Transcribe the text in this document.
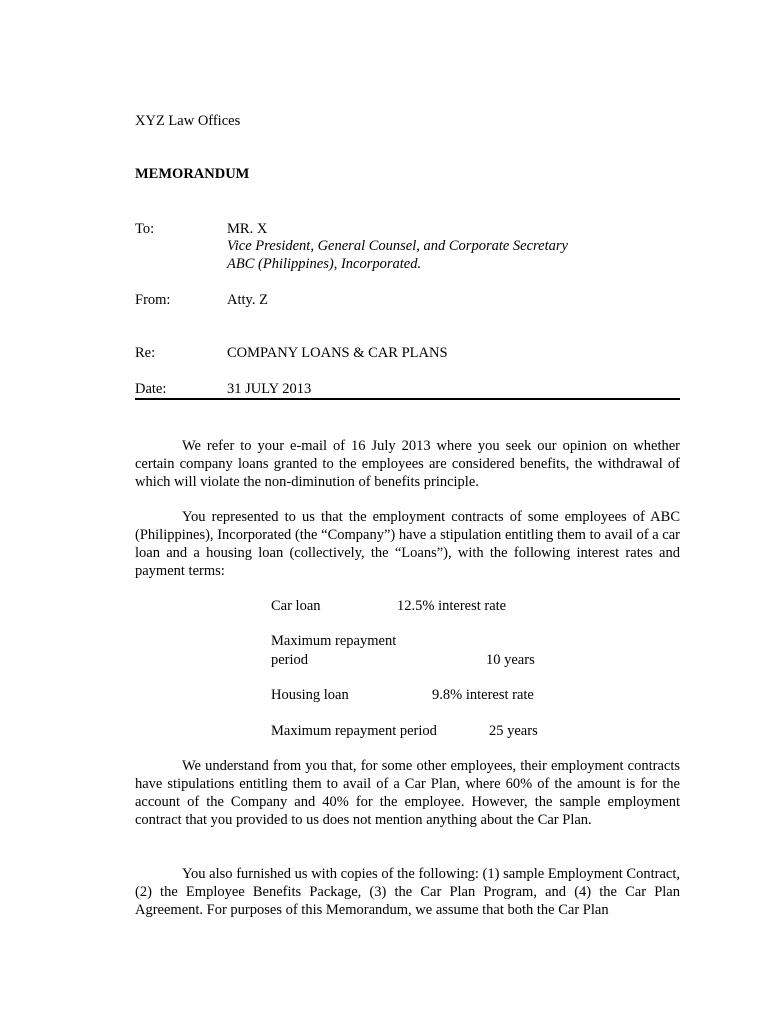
XYZ Law Offices
MEMORANDUM
To:	MR. X
Vice President, General Counsel, and Corporate Secretary
ABC (Philippines), Incorporated.
From:	Atty. Z
Re:	COMPANY LOANS & CAR PLANS
Date:	31 JULY 2013
We refer to your e-mail of 16 July 2013 where you seek our opinion on whether certain company loans granted to the employees are considered benefits, the withdrawal of which will violate the non-diminution of benefits principle.
You represented to us that the employment contracts of some employees of ABC (Philippines), Incorporated (the “Company”) have a stipulation entitling them to avail of a car loan and a housing loan (collectively, the “Loans”), with the following interest rates and payment terms:
Car loan	12.5% interest rate
Maximum repayment
period	10 years
Housing loan	9.8% interest rate
Maximum repayment period	25 years
We understand from you that, for some other employees, their employment contracts have stipulations entitling them to avail of a Car Plan, where 60% of the amount is for the account of the Company and 40% for the employee. However, the sample employment contract that you provided to us does not mention anything about the Car Plan.
You also furnished us with copies of the following: (1) sample Employment Contract, (2) the Employee Benefits Package, (3) the Car Plan Program, and (4) the Car Plan Agreement. For purposes of this Memorandum, we assume that both the Car Plan
